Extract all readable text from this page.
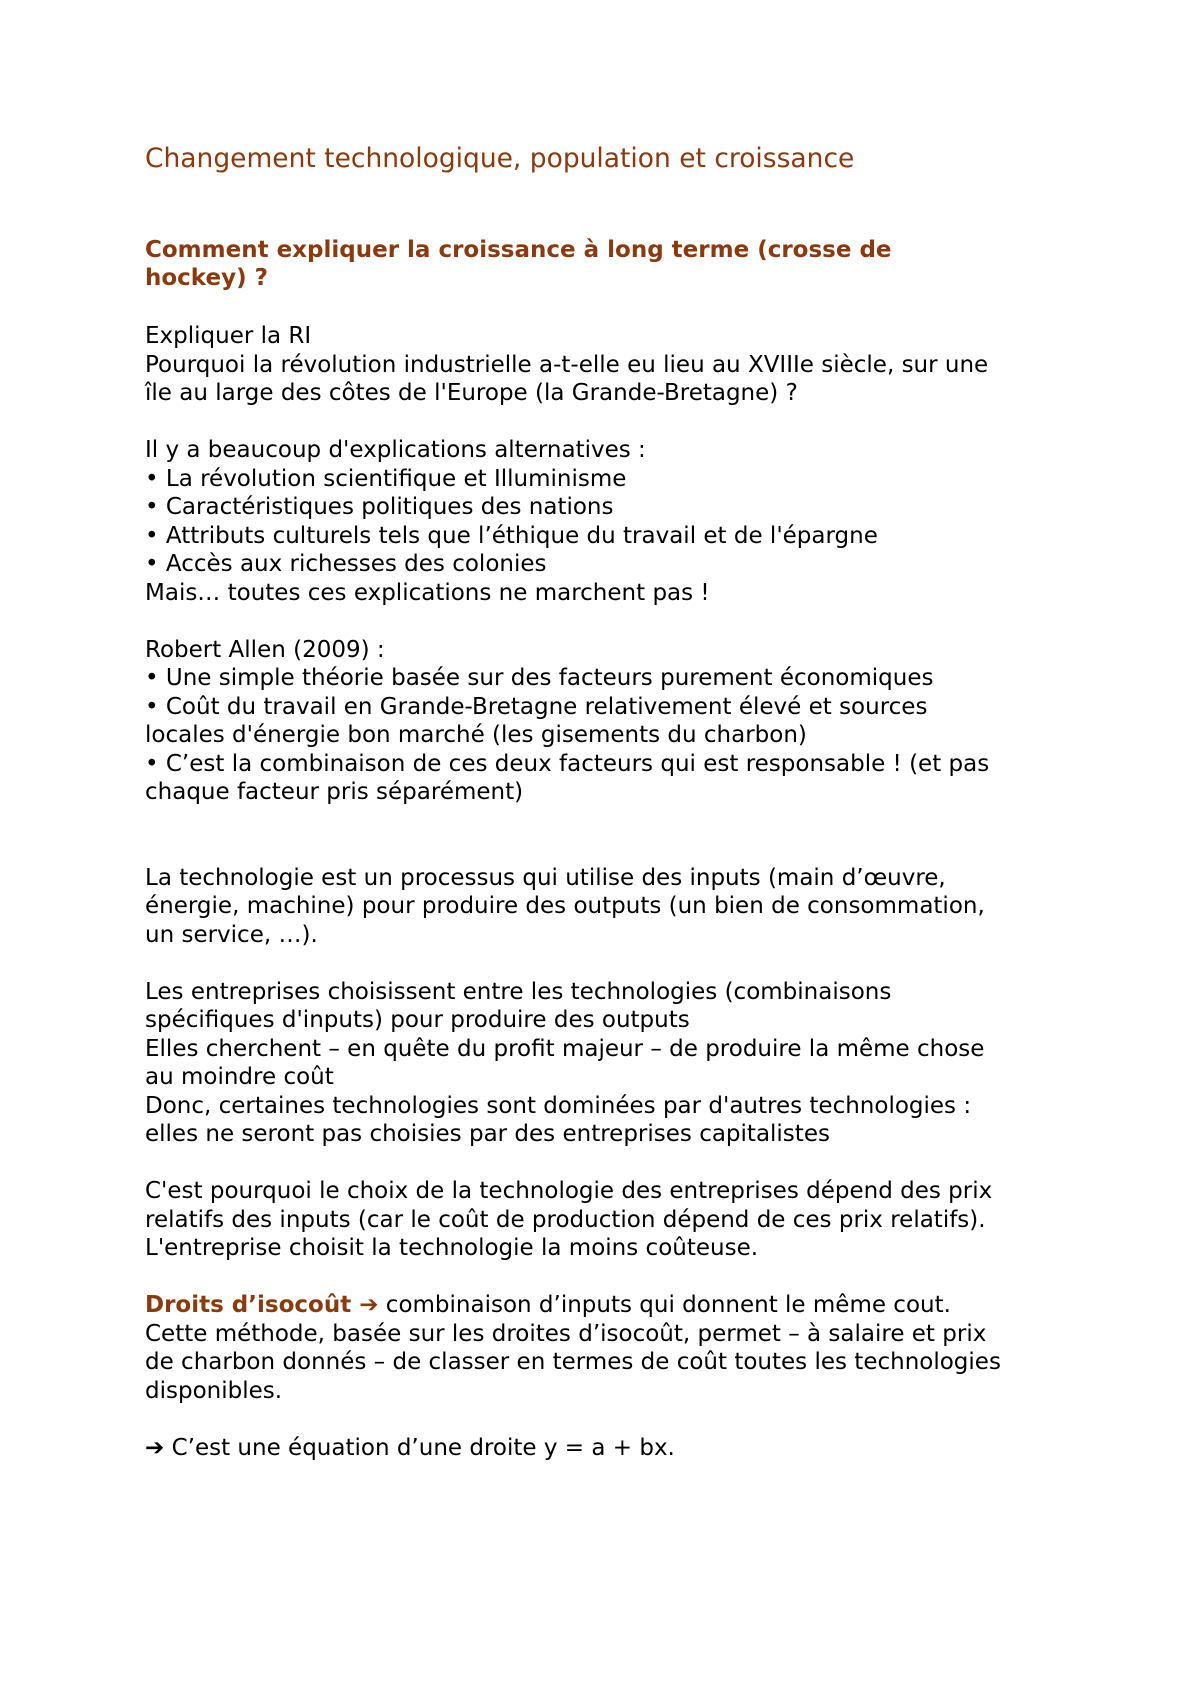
Changement technologique, population et croissance
Comment expliquer la croissance à long terme (crosse de
hockey) ?
Expliquer la RI
Pourquoi la révolution industrielle a-t-elle eu lieu au XVIIIe siècle, sur une
île au large des côtes de l'Europe (la Grande-Bretagne) ?
Il y a beaucoup d'explications alternatives :
• La révolution scientifique et Illuminisme
• Caractéristiques politiques des nations
• Attributs culturels tels que l’éthique du travail et de l'épargne
• Accès aux richesses des colonies
Mais… toutes ces explications ne marchent pas !
Robert Allen (2009) :
• Une simple théorie basée sur des facteurs purement économiques
• Coût du travail en Grande-Bretagne relativement élevé et sources
locales d'énergie bon marché (les gisements du charbon)
• C’est la combinaison de ces deux facteurs qui est responsable ! (et pas
chaque facteur pris séparément)
La technologie est un processus qui utilise des inputs (main d’œuvre,
énergie, machine) pour produire des outputs (un bien de consommation,
un service, …).
Les entreprises choisissent entre les technologies (combinaisons
spécifiques d'inputs) pour produire des outputs
Elles cherchent – en quête du profit majeur – de produire la même chose
au moindre coût
Donc, certaines technologies sont dominées par d'autres technologies :
elles ne seront pas choisies par des entreprises capitalistes
C'est pourquoi le choix de la technologie des entreprises dépend des prix
relatifs des inputs (car le coût de production dépend de ces prix relatifs).
L'entreprise choisit la technologie la moins coûteuse.
Droits d’isocoût ➔ combinaison d’inputs qui donnent le même cout.
Cette méthode, basée sur les droites d’isocoût, permet – à salaire et prix
de charbon donnés – de classer en termes de coût toutes les technologies
disponibles.
➔ C’est une équation d’une droite y = a + bx.
